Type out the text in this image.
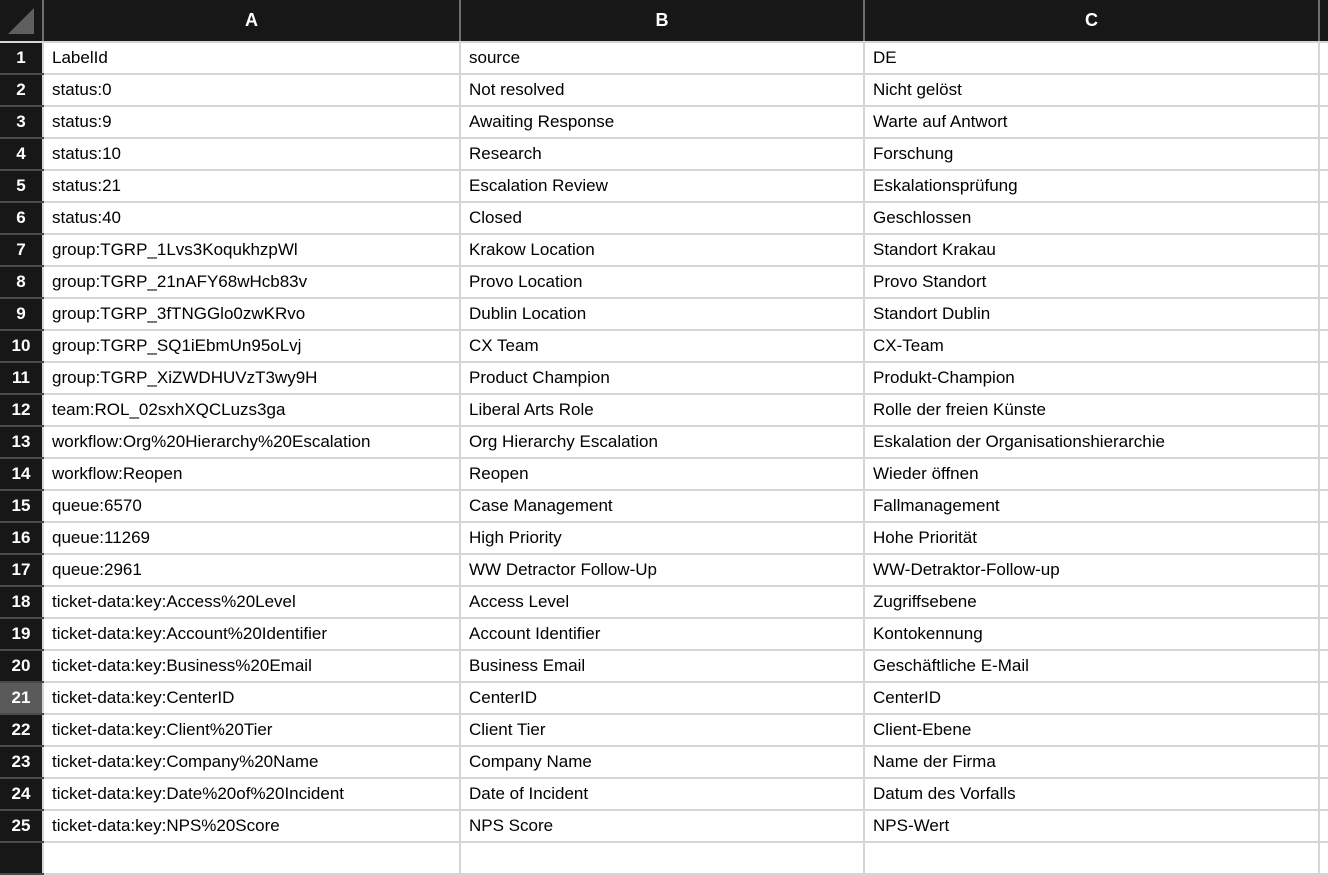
	A	B	C	
1	LabelId	source	DE	
2	status:0	Not resolved	Nicht gelöst	
3	status:9	Awaiting Response	Warte auf Antwort	
4	status:10	Research	Forschung	
5	status:21	Escalation Review	Eskalationsprüfung	
6	status:40	Closed	Geschlossen	
7	group:TGRP_1Lvs3KoqukhzpWl	Krakow Location	Standort Krakau	
8	group:TGRP_21nAFY68wHcb83v	Provo Location	Provo Standort	
9	group:TGRP_3fTNGGlo0zwKRvo	Dublin Location	Standort Dublin	
10	group:TGRP_SQ1iEbmUn95oLvj	CX Team	CX-Team	
11	group:TGRP_XiZWDHUVzT3wy9H	Product Champion	Produkt-Champion	
12	team:ROL_02sxhXQCLuzs3ga	Liberal Arts Role	Rolle der freien Künste	
13	workflow:Org%20Hierarchy%20Escalation	Org Hierarchy Escalation	Eskalation der Organisationshierarchie	
14	workflow:Reopen	Reopen	Wieder öffnen	
15	queue:6570	Case Management	Fallmanagement	
16	queue:11269	High Priority	Hohe Priorität	
17	queue:2961	WW Detractor Follow-Up	WW-Detraktor-Follow-up	
18	ticket-data:key:Access%20Level	Access Level	Zugriffsebene	
19	ticket-data:key:Account%20Identifier	Account Identifier	Kontokennung	
20	ticket-data:key:Business%20Email	Business Email	Geschäftliche E-Mail	
21	ticket-data:key:CenterID	CenterID	CenterID	
22	ticket-data:key:Client%20Tier	Client Tier	Client-Ebene	
23	ticket-data:key:Company%20Name	Company Name	Name der Firma	
24	ticket-data:key:Date%20of%20Incident	Date of Incident	Datum des Vorfalls	
25	ticket-data:key:NPS%20Score	NPS Score	NPS-Wert	
